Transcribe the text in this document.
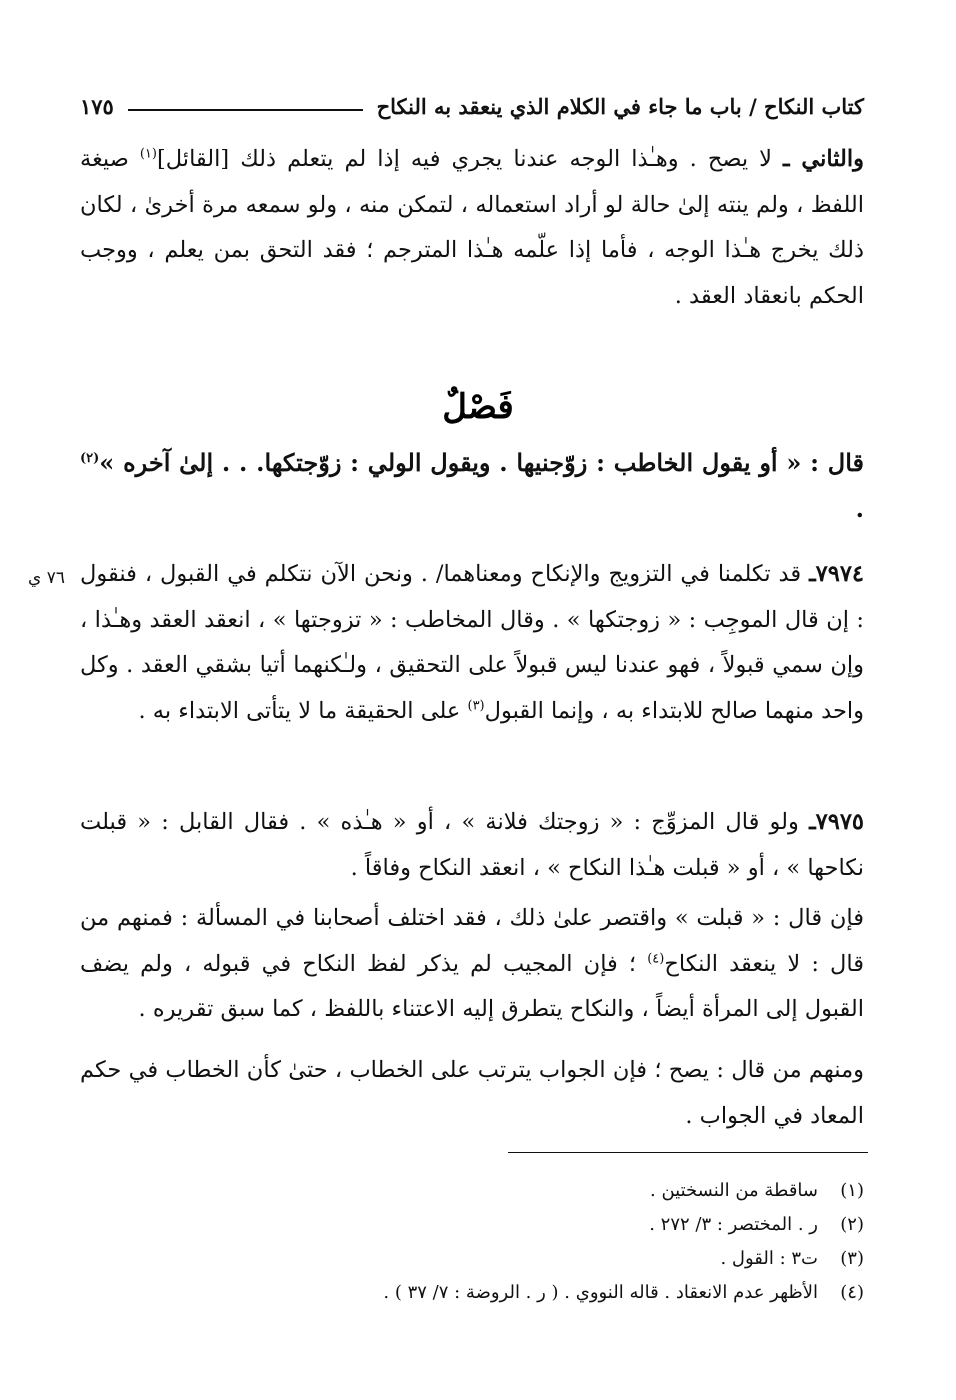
كتاب النكاح / باب ما جاء في الكلام الذي ينعقد به النكاح
١٧٥

والثاني ـ لا يصح . وهـٰذا الوجه عندنا يجري فيه إذا لم يتعلم ذلك [القائل]$^{(١)}$ صيغة اللفظ ، ولم ينته إلىٰ حالة لو أراد استعماله ، لتمكن منه ، ولو سمعه مرة أخرىٰ ، لكان ذلك يخرج هـٰذا الوجه ، فأما إذا علّمه هـٰذا المترجم ؛ فقد التحق بمن يعلم ، ووجب الحكم بانعقاد العقد .

فَصْلٌ

قال : « أو يقول الخاطب : زوّجنيها . ويقول الولي : زوّجتكها. . . إلىٰ آخره »$^{(٢)}$ .

٧٦ ي	٧٩٧٤ـ قد تكلمنا في التزويج والإنكاح ومعناهما/ . ونحن الآن نتكلم في القبول ، فنقول : إن قال الموجِب : « زوجتكها » . وقال المخاطب : « تزوجتها » ، انعقد العقد وهـٰذا ، وإن سمي قبولاً ، فهو عندنا ليس قبولاً على التحقيق ، ولـٰكنهما أتيا بشقي العقد . وكل واحد منهما صالح للابتداء به ، وإنما القبول$^{(٣)}$ على الحقيقة ما لا يتأتى الابتداء به .

٧٩٧٥ـ ولو قال المزوِّج : « زوجتك فلانة » ، أو « هـٰذه » . فقال القابل : « قبلت نكاحها » ، أو « قبلت هـٰذا النكاح » ، انعقد النكاح وفاقاً .

فإن قال : « قبلت » واقتصر علىٰ ذلك ، فقد اختلف أصحابنا في المسألة : فمنهم من قال : لا ينعقد النكاح$^{(٤)}$ ؛ فإن المجيب لم يذكر لفظ النكاح في قبوله ، ولم يضف القبول إلى المرأة أيضاً ، والنكاح يتطرق إليه الاعتناء باللفظ ، كما سبق تقريره .

ومنهم من قال : يصح ؛ فإن الجواب يترتب على الخطاب ، حتىٰ كأن الخطاب في حكم المعاد في الجواب .

(١)ساقطة من النسختين .

(٢)ر . المختصر : ٣/ ٢٧٢ .

(٣)ت٣ : القول .

(٤)الأظهر عدم الانعقاد . قاله النووي . ( ر . الروضة : ٧/ ٣٧ ) .
